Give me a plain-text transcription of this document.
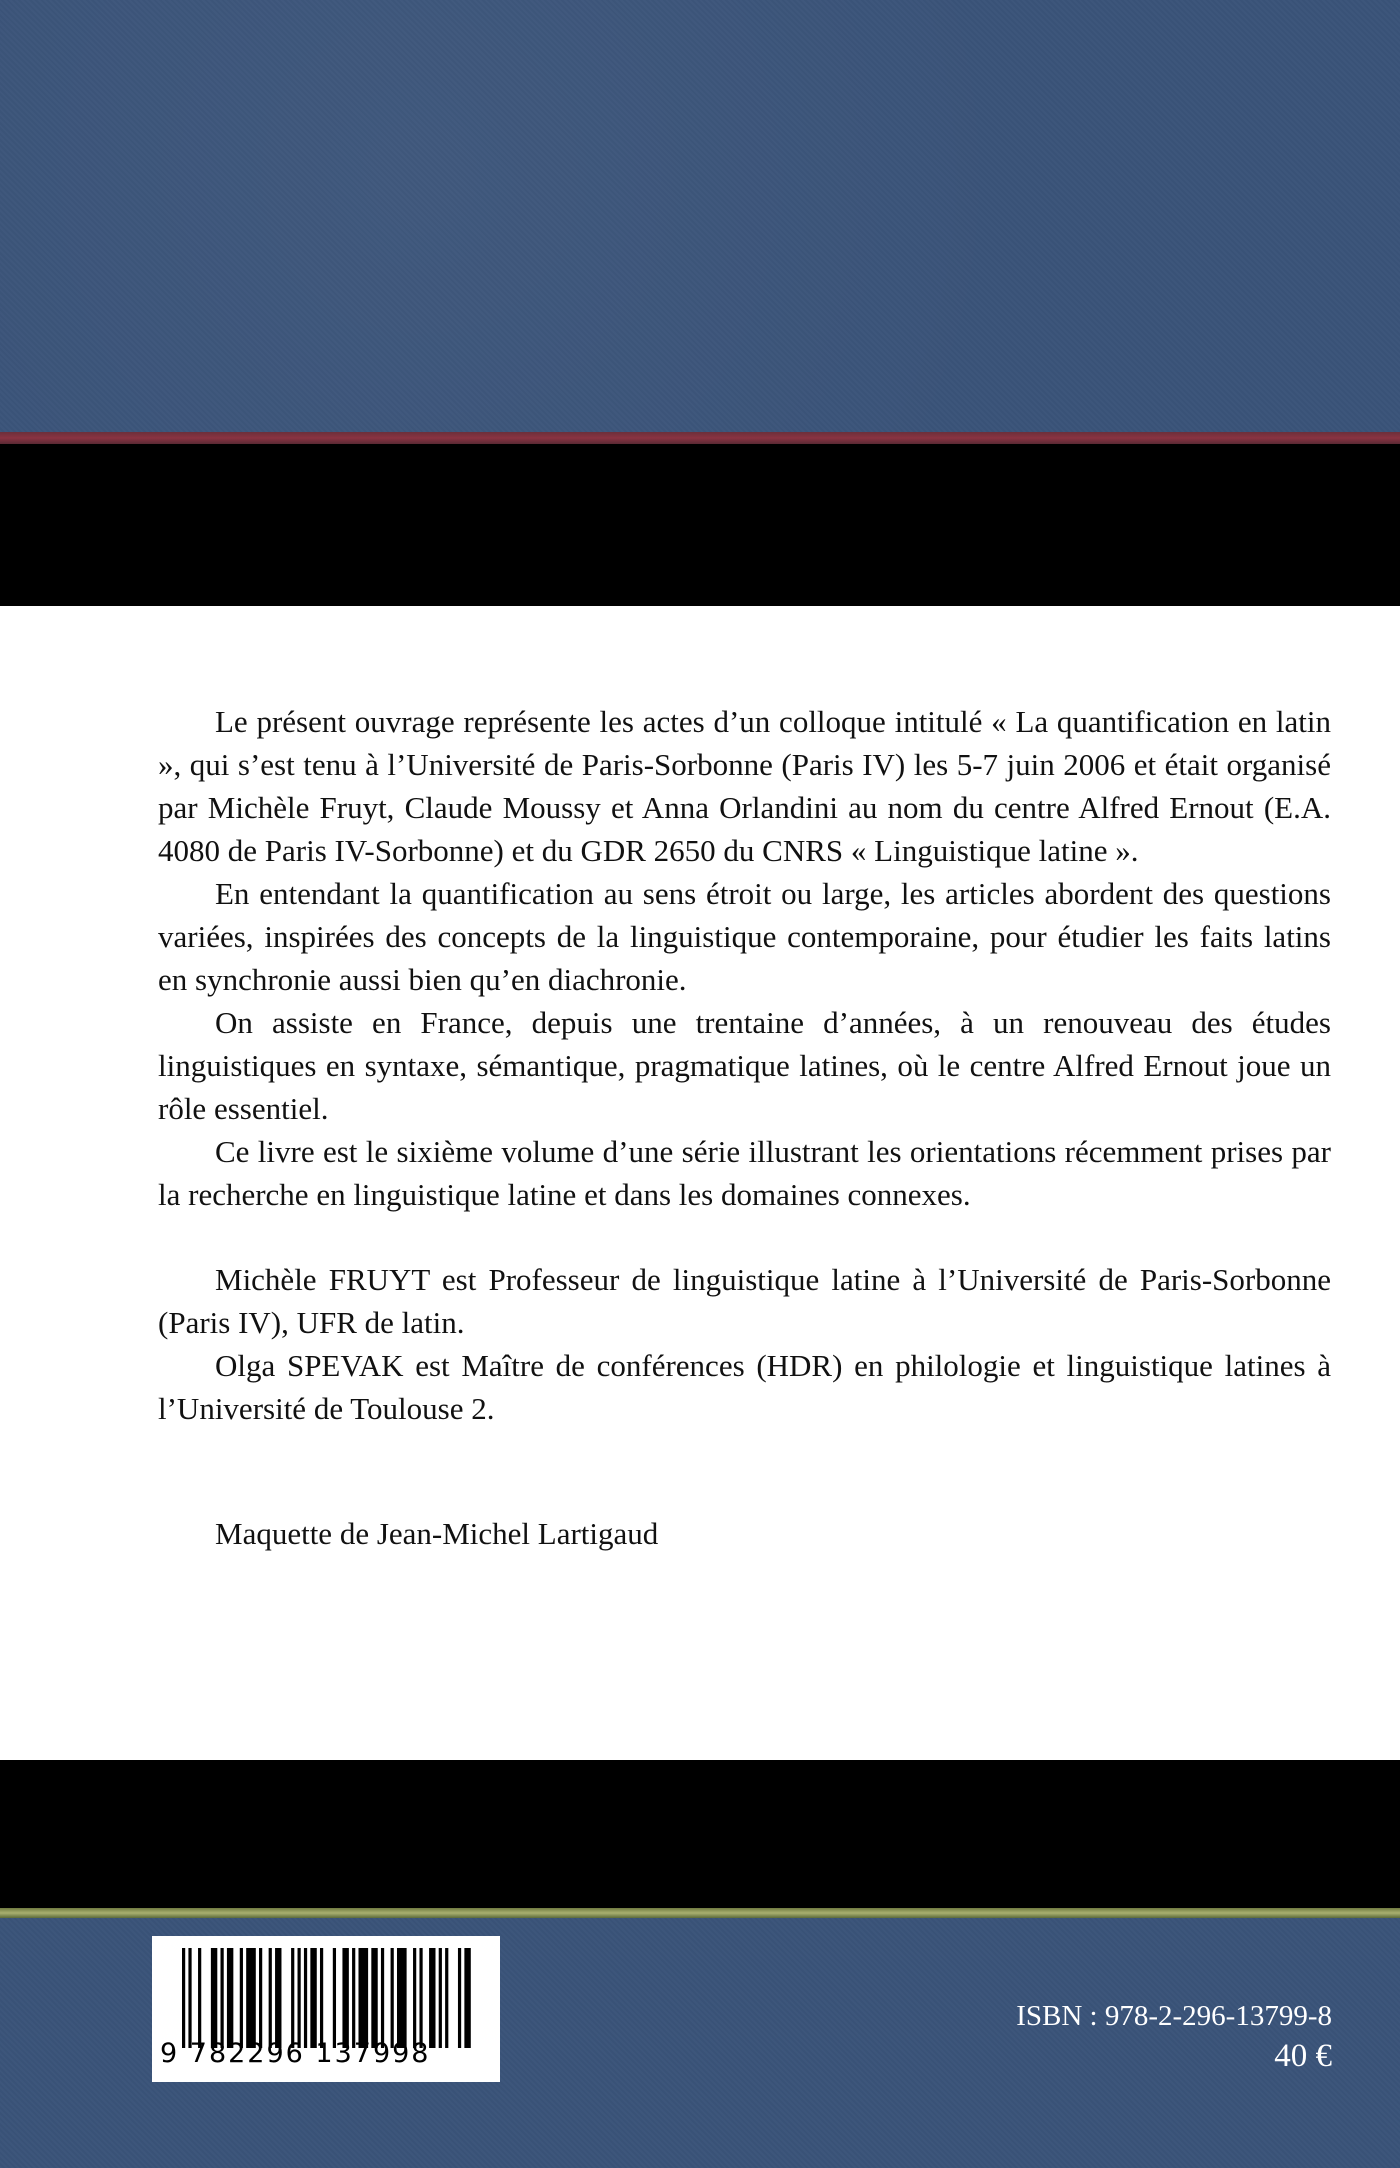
Le présent ouvrage représente les actes d’un colloque intitulé « La quantification en latin », qui s’est tenu à l’Université de Paris-Sorbonne (Paris IV) les 5-7 juin 2006 et était organisé par Michèle Fruyt, Claude Moussy et Anna Orlandini au nom du centre Alfred Ernout (E.A. 4080 de Paris IV-Sorbonne) et du GDR 2650 du CNRS « Linguistique latine ».

En entendant la quantification au sens étroit ou large, les articles abordent des questions variées, inspirées des concepts de la linguistique contemporaine, pour étudier les faits latins en synchronie aussi bien qu’en diachronie.

On assiste en France, depuis une trentaine d’années, à un renouveau des études linguistiques en syntaxe, sémantique, pragmatique latines, où le centre Alfred Ernout joue un rôle essentiel.

Ce livre est le sixième volume d’une série illustrant les orientations récemment prises par la recherche en linguistique latine et dans les domaines connexes.

Michèle FRUYT est Professeur de linguistique latine à l’Université de Paris-Sorbonne (Paris IV), UFR de latin.

Olga SPEVAK est Maître de conférences (HDR) en philologie et linguistique latines à l’Université de Toulouse 2.

Maquette de Jean-Michel Lartigaud

9 782296 137998
ISBN : 978-2-296-13799-8
40 €
